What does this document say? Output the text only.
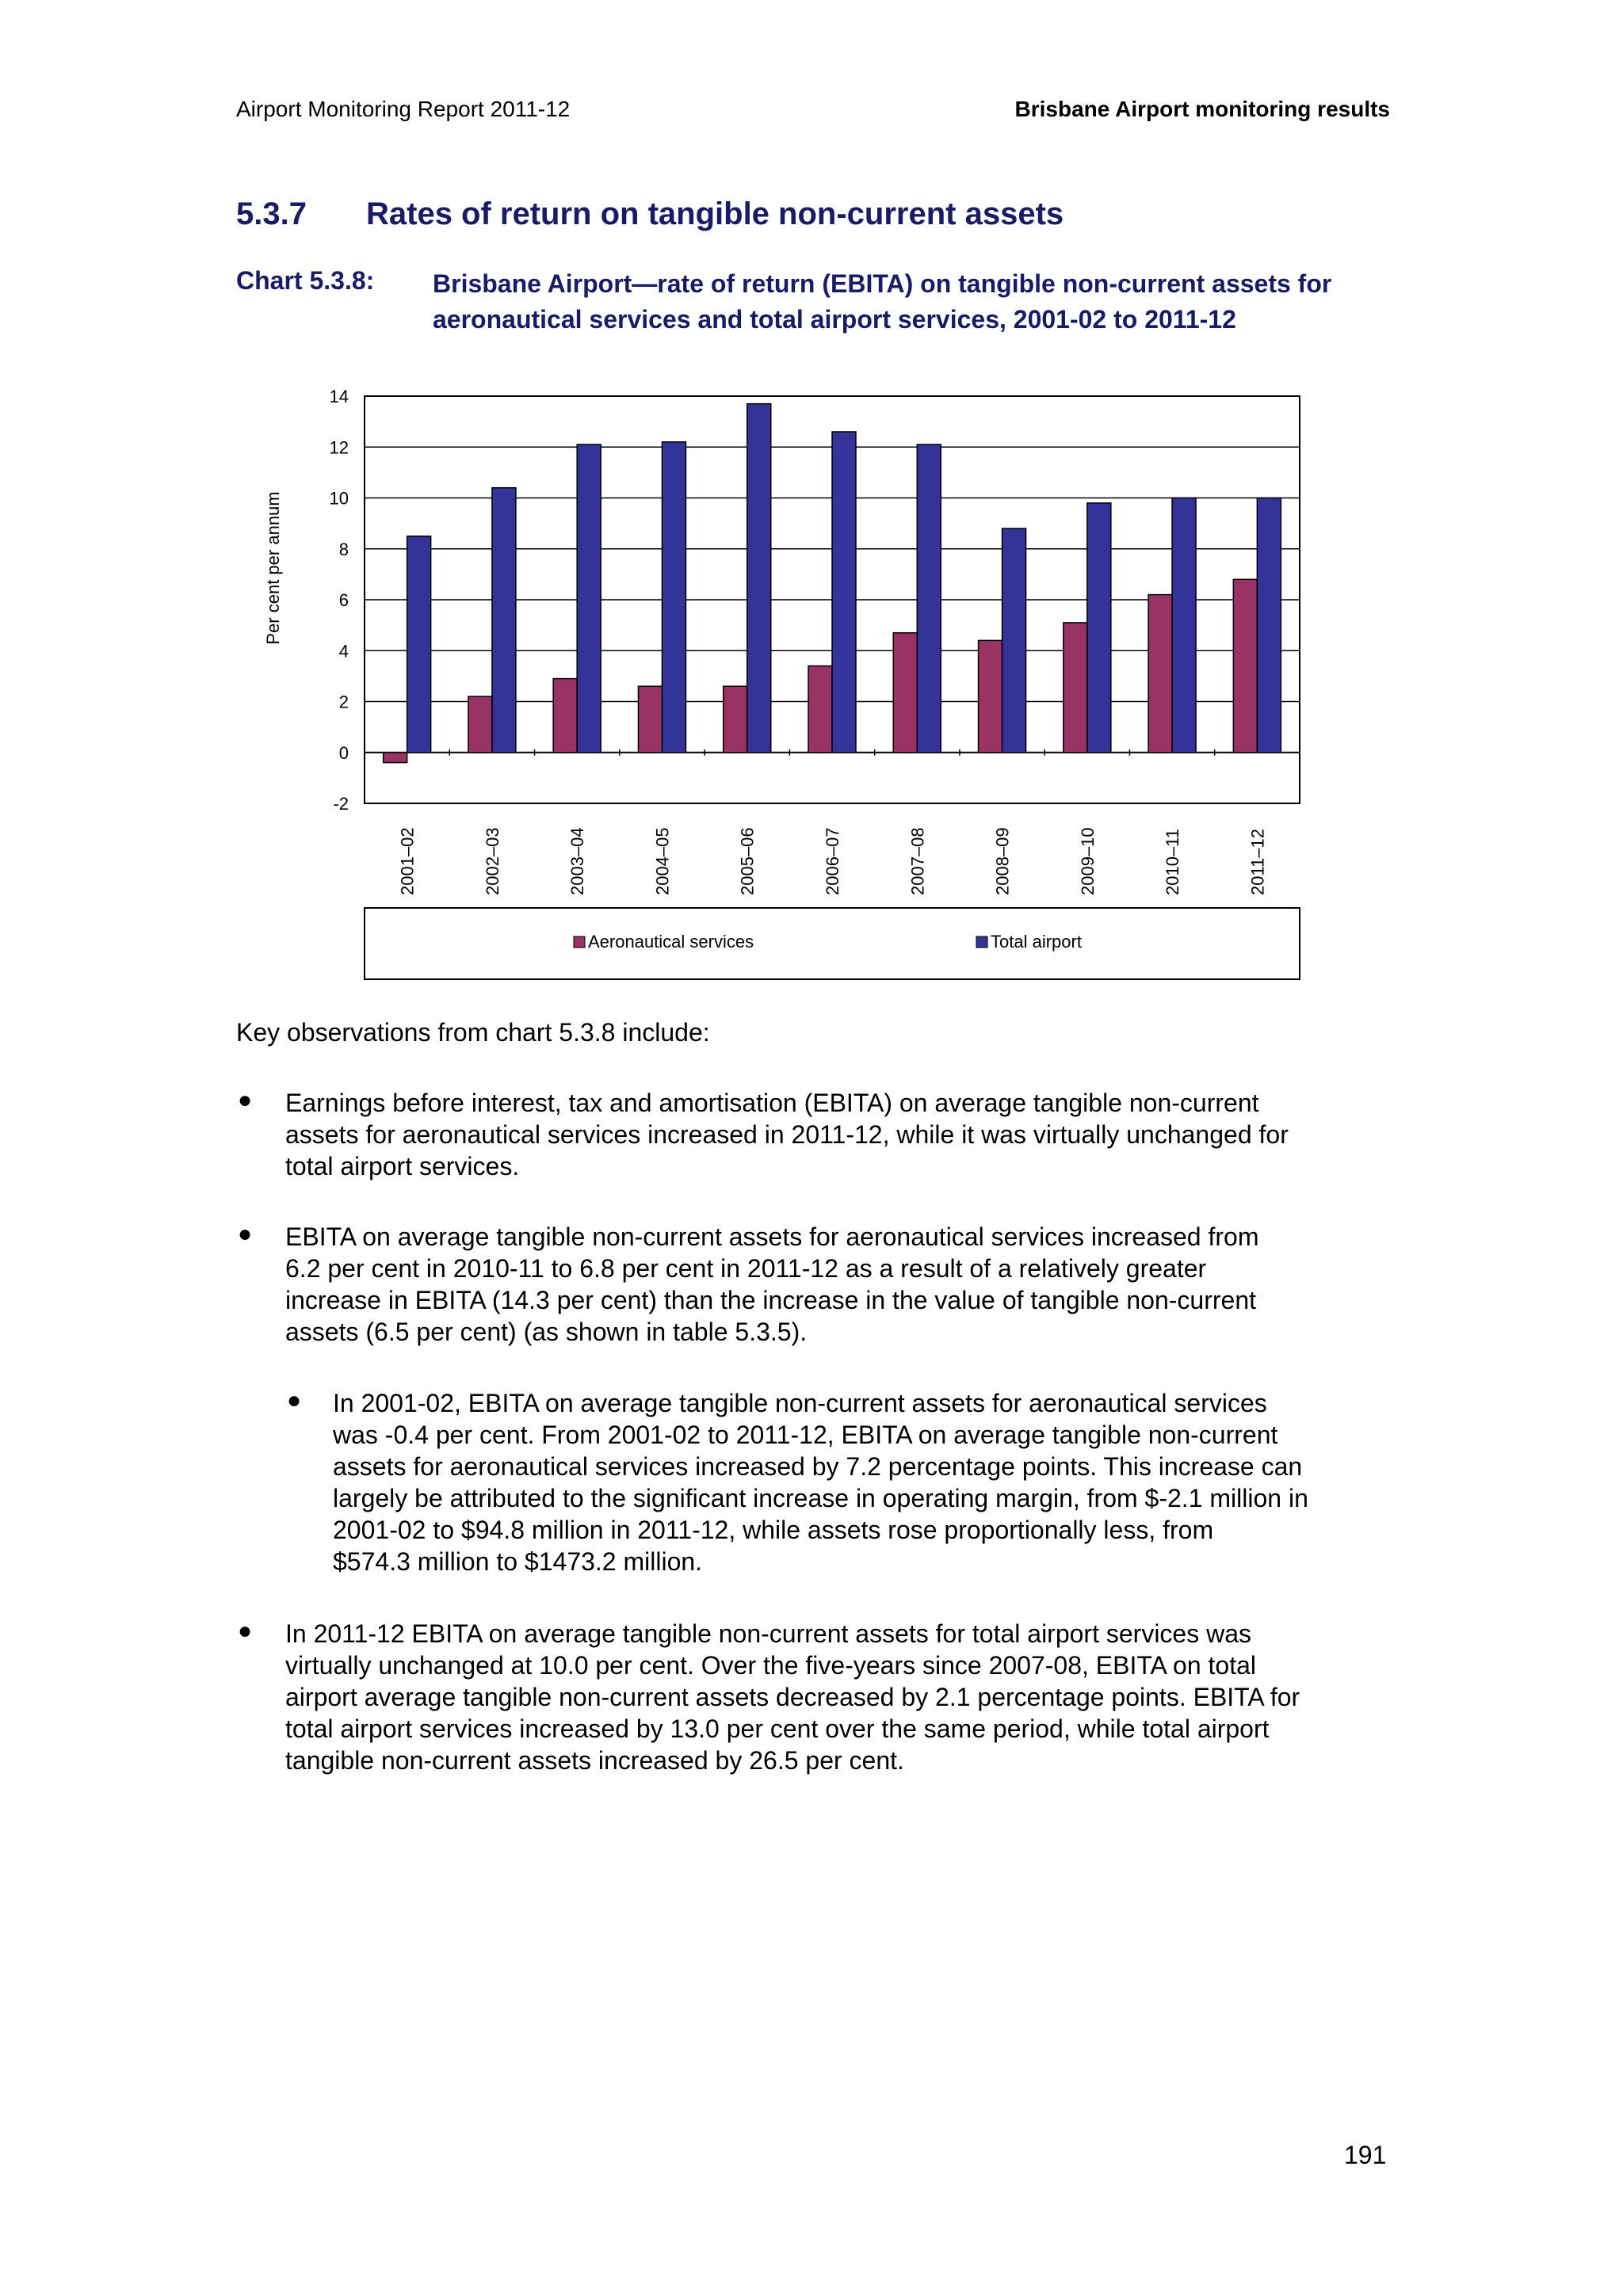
Airport Monitoring Report 2011-12	Brisbane Airport monitoring results
5.3.7 Rates of return on tangible non-current assets
Chart 5.3.8: Brisbane Airport—rate of return (EBITA) on tangible non-current assets for aeronautical services and total airport services, 2001-02 to 2011-12
14
12
10
8
6
4
2
0
-2
Per cent per annum
2001–02	2002–03	2003–04	2004–05	2005–06	2006–07	2007–08	2008–09	2009–10	2010–11	2011–12
Aeronautical services	Total airport
Key observations from chart 5.3.8 include:
● Earnings before interest, tax and amortisation (EBITA) on average tangible non-current
assets for aeronautical services increased in 2011-12, while it was virtually unchanged for
total airport services.
● EBITA on average tangible non-current assets for aeronautical services increased from
6.2 per cent in 2010-11 to 6.8 per cent in 2011-12 as a result of a relatively greater
increase in EBITA (14.3 per cent) than the increase in the value of tangible non-current
assets (6.5 per cent) (as shown in table 5.3.5).
● In 2001-02, EBITA on average tangible non-current assets for aeronautical services
was -0.4 per cent. From 2001-02 to 2011-12, EBITA on average tangible non-current
assets for aeronautical services increased by 7.2 percentage points. This increase can
largely be attributed to the significant increase in operating margin, from $-2.1 million in
2001-02 to $94.8 million in 2011-12, while assets rose proportionally less, from
$574.3 million to $1473.2 million.
● In 2011-12 EBITA on average tangible non-current assets for total airport services was
virtually unchanged at 10.0 per cent. Over the five-years since 2007-08, EBITA on total
airport average tangible non-current assets decreased by 2.1 percentage points. EBITA for
total airport services increased by 13.0 per cent over the same period, while total airport
tangible non-current assets increased by 26.5 per cent.
191
